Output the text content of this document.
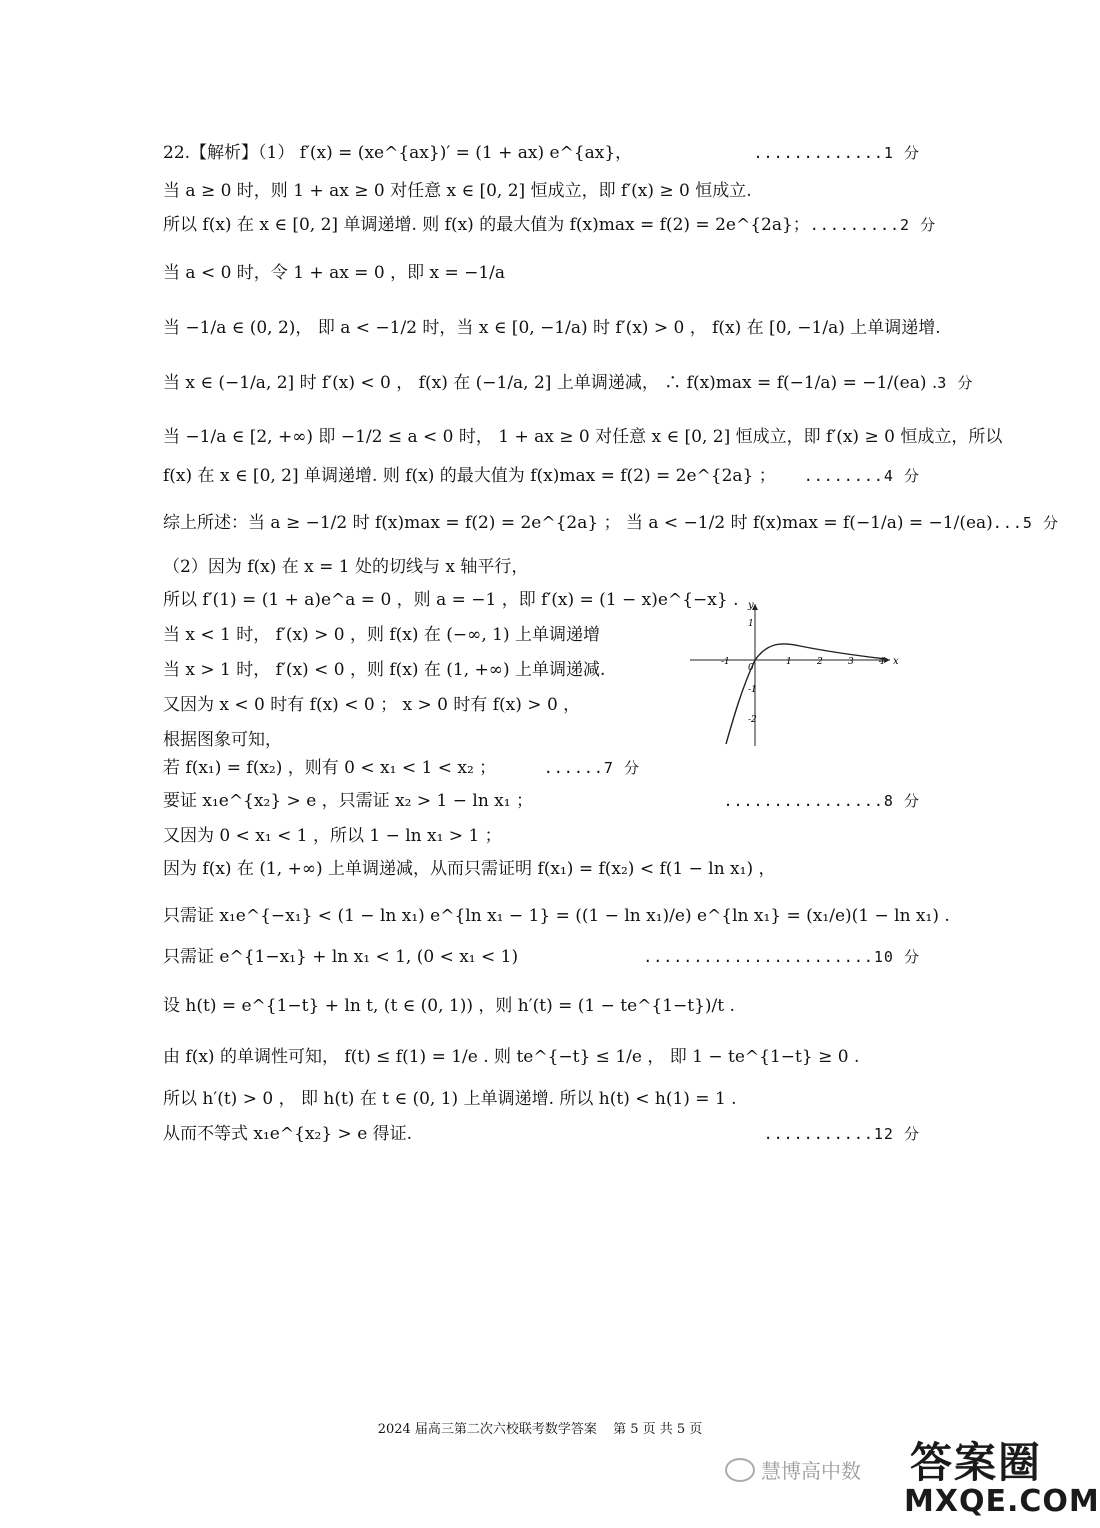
22.【解析】（1） f′(x) = (xe^{ax})′ = (1 + ax) e^{ax}，	.............1 分
当 a ≥ 0 时，则 1 + ax ≥ 0 对任意 x ∈ [0, 2] 恒成立，即 f′(x) ≥ 0 恒成立.
所以 f(x) 在 x ∈ [0, 2] 单调递增. 则 f(x) 的最大值为 f(x)max = f(2) = 2e^{2a}； .........2 分
当 a < 0 时，令 1 + ax = 0 ，即 x = −1/a
当 −1/a ∈ (0, 2)， 即 a < −1/2 时，当 x ∈ [0, −1/a) 时 f′(x) > 0 ， f(x) 在 [0, −1/a) 上单调递增.
当 x ∈ (−1/a, 2] 时 f′(x) < 0 ， f(x) 在 (−1/a, 2] 上单调递减， ∴ f(x)max = f(−1/a) = −1/(ea) . 3 分
当 −1/a ∈ [2, +∞) 即 −1/2 ≤ a < 0 时， 1 + ax ≥ 0 对任意 x ∈ [0, 2] 恒成立，即 f′(x) ≥ 0 恒成立，所以
f(x) 在 x ∈ [0, 2] 单调递增. 则 f(x) 的最大值为 f(x)max = f(2) = 2e^{2a} ； ........4 分
综上所述：当 a ≥ −1/2 时 f(x)max = f(2) = 2e^{2a} ； 当 a < −1/2 时 f(x)max = f(−1/a) = −1/(ea) ...5 分
（2）因为 f(x) 在 x = 1 处的切线与 x 轴平行，
所以 f′(1) = (1 + a)e^a = 0 ，则 a = −1 ，即 f′(x) = (1 − x)e^{−x} .
当 x < 1 时， f′(x) > 0 ，则 f(x) 在 (−∞, 1) 上单调递增
当 x > 1 时， f′(x) < 0 ，则 f(x) 在 (1, +∞) 上单调递减.
又因为 x < 0 时有 f(x) < 0 ； x > 0 时有 f(x) > 0 ，
根据图象可知，
若 f(x₁) = f(x₂) ，则有 0 < x₁ < 1 < x₂ ；	......7 分
要证 x₁e^{x₂} > e ，只需证 x₂ > 1 − ln x₁ ；	................8 分
又因为 0 < x₁ < 1 ，所以 1 − ln x₁ > 1 ；
因为 f(x) 在 (1, +∞) 上单调递减，从而只需证明 f(x₁) = f(x₂) < f(1 − ln x₁) ，
只需证 x₁e^{−x₁} < (1 − ln x₁) e^{ln x₁ − 1} = ((1 − ln x₁)/e) e^{ln x₁} = (x₁/e)(1 − ln x₁) .
只需证 e^{1−x₁} + ln x₁ < 1, (0 < x₁ < 1)	.......................10 分
设 h(t) = e^{1−t} + ln t, (t ∈ (0, 1)) ，则 h′(t) = (1 − te^{1−t})/t .
由 f(x) 的单调性可知， f(t) ≤ f(1) = 1/e . 则 te^{−t} ≤ 1/e ， 即 1 − te^{1−t} ≥ 0 .
所以 h′(t) > 0 ， 即 h(t) 在 t ∈ (0, 1) 上单调递增. 所以 h(t) < h(1) = 1 .
从而不等式 x₁e^{x₂} > e 得证.	...........12 分
x
y
-1
0
1	2	3	4
1
-1
-2
2024 届高三第二次六校联考数学答案 第 5 页 共 5 页
慧博高中数 答案圈
MXQE.COM
